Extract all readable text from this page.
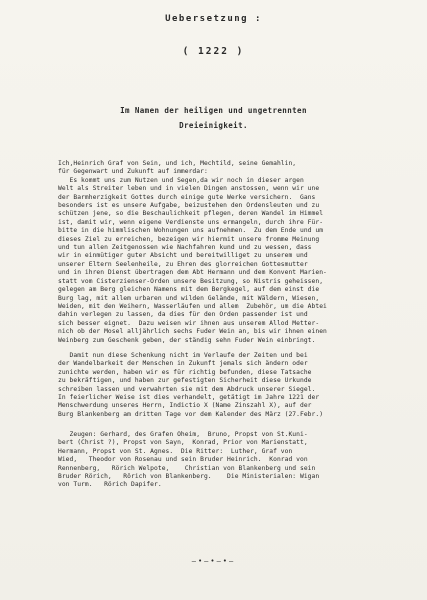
Uebersetzung :
( 1222 )
Im Namen der heiligen und ungetrennten
Dreieinigkeit.

Ich,Heinrich Graf von Sein, und ich, Mechtild, seine Gemahlin,

für Gegenwart und Zukunft auf immerdar:

Es kommt uns zum Nutzen und Segen,da wir noch in dieser argen

Welt als Streiter leben und in vielen Dingen anstossen, wenn wir une

der Barmherzigkeit Gottes durch einige gute Werke versichern.  Gans

besonders ist es unsere Aufgabe, beizustehen den Ordensleuten und zu

schützen jene, so die Beschaulichkeit pflegen, deren Wandel im Himmel

ist, damit wir, wenn eigene Verdienste uns ermangeln, durch ihre Für-

bitte in die himmlischen Wohnungen uns aufnehmen.  Zu dem Ende und um

dieses Ziel zu erreichen, bezeigen wir hiermit unsere fromme Meinung

und tun allen Zeitgenossen wie Nachfahren kund und zu wessen, dass

wir in einmütiger guter Absicht und bereitwilliget zu unserem und

unserer Eltern Seelenheile, zu Ehren des glorreichen Gottesmutter

und in ihren Dienst übertragen dem Abt Hermann und dem Konvent Marien-

statt vom Cisterzienser-Orden unsere Besitzung, so Nistris geheissen,

gelegen am Berg gleichen Namens mit dem Bergkegel, auf dem einst die

Burg lag, mit allem urbaren und wilden Gelände, mit Wäldern, Wiesen,

Weiden, mit den Weihern, Wasserläufen und allem  Zubehör, um die Abtei

dahin verlegen zu lassen, da dies für den Orden passender ist und

sich besser eignet.  Dazu weisen wir ihnen aus unserem Allod Metter-

nich ob der Mosel alljährlich sechs Fuder Wein an, bis wir ihnen einen

Weinberg zum Geschenk geben, der ständig sehn Fuder Wein einbringt.

Damit nun diese Schenkung nicht im Verlaufe der Zeiten und bei

der Wandelbarkeit der Menschen in Zukunft jemals sich ändern oder

zunichte werden, haben wir es für richtig befunden, diese Tatsache

zu bekräftigen, und haben zur gefestigten Sicherheit diese Urkunde

schreiben lassen und verwahrten sie mit dem Abdruck unserer Siegel.

In feierlicher Weise ist dies verhandelt, getätigt im Jahre 1221 der

Menschwerdung unseres Herrn, Indictio X (Name Zinszahl X), auf der

Burg Blankenberg am dritten Tage vor dem Kalender des März (27.Febr.)

Zeugen: Gerhard, des Grafen Oheim,  Bruno, Propst von St.Kuni-

bert (Christ ?), Propst von Sayn,  Konrad, Prior von Marienstatt,

Hermann, Propst von St. Agnes.  Die Ritter:  Luther, Graf von

Wied,   Theodor von Rosenau und sein Bruder Heinrich.  Konrad von

Rennenberg,   Rörich Welpote,    Christian von Blankenberg und sein

Bruder Rörich,   Rörich von Blankenberg.    Die Ministerialen: Wigan

von Turm.   Rörich Dapifer.

—•—•—•—
